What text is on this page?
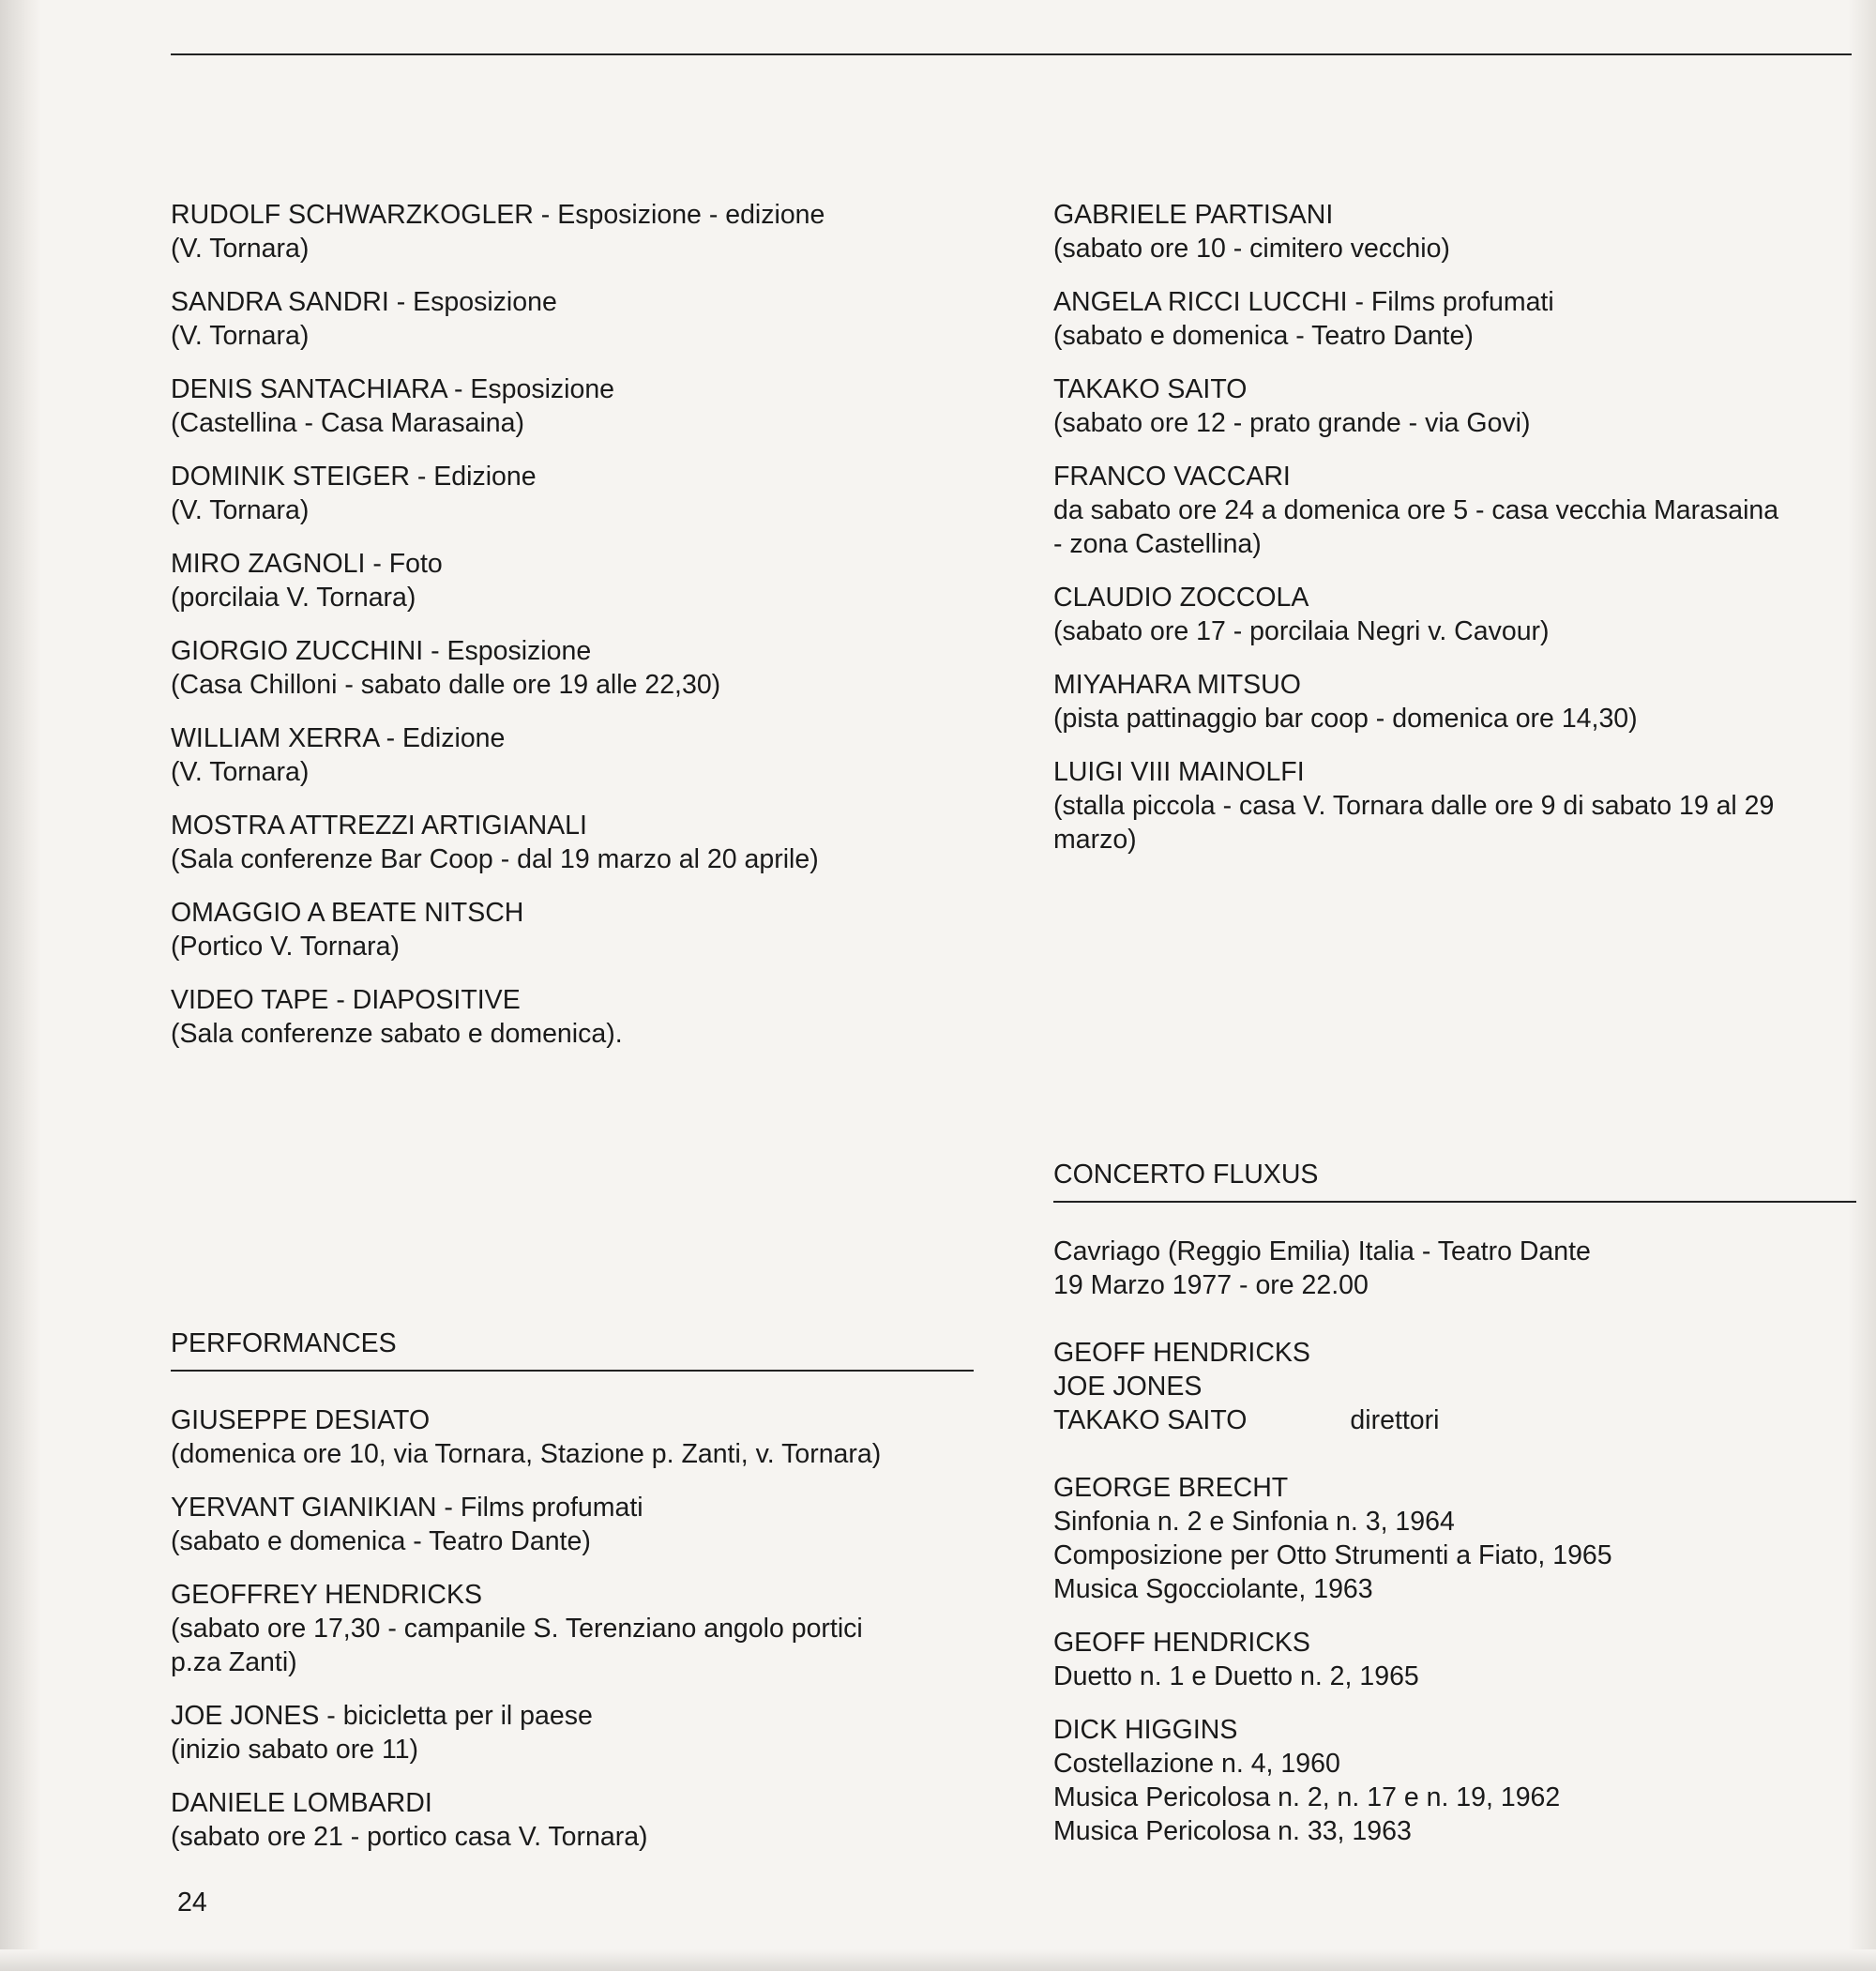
RUDOLF SCHWARZKOGLER - Esposizione - edizione
(V. Tornara)
SANDRA SANDRI - Esposizione
(V. Tornara)
DENIS SANTACHIARA - Esposizione
(Castellina - Casa Marasaina)
DOMINIK STEIGER - Edizione
(V. Tornara)
MIRO ZAGNOLI - Foto
(porcilaia V. Tornara)
GIORGIO ZUCCHINI - Esposizione
(Casa Chilloni - sabato dalle ore 19 alle 22,30)
WILLIAM XERRA - Edizione
(V. Tornara)
MOSTRA ATTREZZI ARTIGIANALI
(Sala conferenze Bar Coop - dal 19 marzo al 20 aprile)
OMAGGIO A BEATE NITSCH
(Portico V. Tornara)
VIDEO TAPE - DIAPOSITIVE
(Sala conferenze sabato e domenica).
GABRIELE PARTISANI
(sabato ore 10 - cimitero vecchio)
ANGELA RICCI LUCCHI - Films profumati
(sabato e domenica - Teatro Dante)
TAKAKO SAITO
(sabato ore 12 - prato grande - via Govi)
FRANCO VACCARI
da sabato ore 24 a domenica ore 5 - casa vecchia Marasaina
- zona Castellina)
CLAUDIO ZOCCOLA
(sabato ore 17 - porcilaia Negri v. Cavour)
MIYAHARA MITSUO
(pista pattinaggio bar coop - domenica ore 14,30)
LUIGI VIII MAINOLFI
(stalla piccola - casa V. Tornara dalle ore 9 di sabato 19 al 29
marzo)
PERFORMANCES
GIUSEPPE DESIATO
(domenica ore 10, via Tornara, Stazione p. Zanti, v. Tornara)
YERVANT GIANIKIAN - Films profumati
(sabato e domenica - Teatro Dante)
GEOFFREY HENDRICKS
(sabato ore 17,30 - campanile S. Terenziano angolo portici
p.za Zanti)
JOE JONES - bicicletta per il paese
(inizio sabato ore 11)
DANIELE LOMBARDI
(sabato ore 21 - portico casa V. Tornara)
CONCERTO FLUXUS
Cavriago (Reggio Emilia) Italia - Teatro Dante
19 Marzo 1977 - ore 22.00
GEOFF HENDRICKS
JOE JONES
TAKAKO SAITO	direttori
GEORGE BRECHT
Sinfonia n. 2 e Sinfonia n. 3, 1964
Composizione per Otto Strumenti a Fiato, 1965
Musica Sgocciolante, 1963
GEOFF HENDRICKS
Duetto n. 1 e Duetto n. 2, 1965
DICK HIGGINS
Costellazione n. 4, 1960
Musica Pericolosa n. 2, n. 17 e n. 19, 1962
Musica Pericolosa n. 33, 1963
24
